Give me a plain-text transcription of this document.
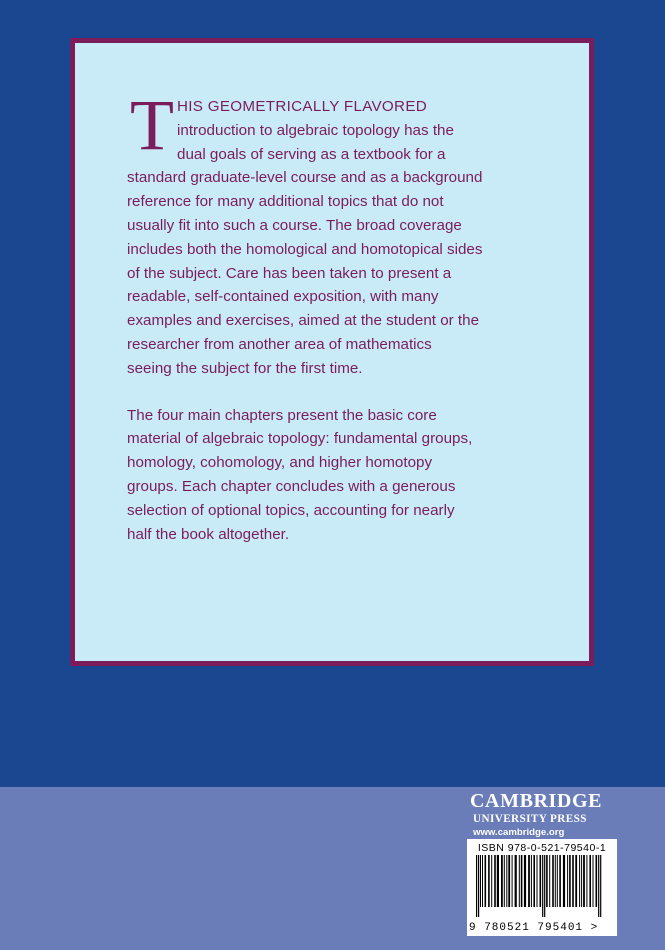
T HIS GEOMETRICALLY FLAVORED
introduction to algebraic topology has the
dual goals of serving as a textbook for a

standard graduate-level course and as a background
reference for many additional topics that do not
usually fit into such a course. The broad coverage
includes both the homological and homotopical sides
of the subject. Care has been taken to present a
readable, self-contained exposition, with many
examples and exercises, aimed at the student or the
researcher from another area of mathematics
seeing the subject for the first time.

The four main chapters present the basic core
material of algebraic topology: fundamental groups,
homology, cohomology, and higher homotopy
groups. Each chapter concludes with a generous
selection of optional topics, accounting for nearly
half the book altogether.

CAMBRIDGE
UNIVERSITY PRESS
www.cambridge.org
ISBN 978-0-521-79540-1
9 780521 795401 >
